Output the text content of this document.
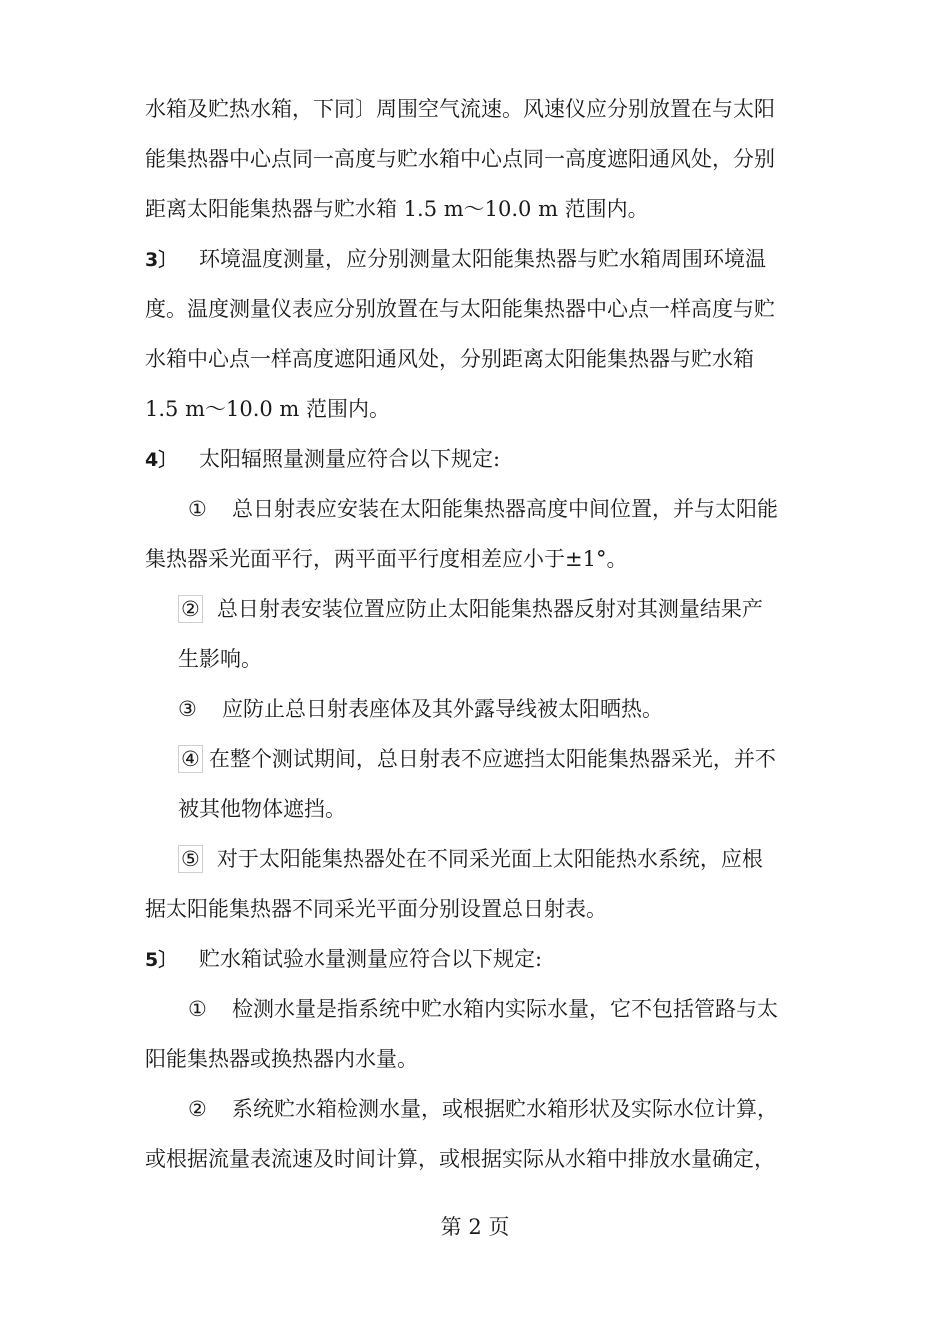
水箱及贮热水箱，下同〕周围空气流速。风速仪应分别放置在与太阳
能集热器中心点同一高度与贮水箱中心点同一高度遮阳通风处，分别
距离太阳能集热器与贮水箱 1.5 m～10.0 m 范围内。
3〕 环境温度测量，应分别测量太阳能集热器与贮水箱周围环境温
度。温度测量仪表应分别放置在与太阳能集热器中心点一样高度与贮
水箱中心点一样高度遮阳通风处，分别距离太阳能集热器与贮水箱
1.5 m～10.0 m 范围内。
4〕 太阳辐照量测量应符合以下规定:
① 总日射表应安装在太阳能集热器高度中间位置，并与太阳能
集热器采光面平行，两平面平行度相差应小于±1°。
② 总日射表安装位置应防止太阳能集热器反射对其测量结果产
生影响。
③ 应防止总日射表座体及其外露导线被太阳晒热。
④ 在整个测试期间，总日射表不应遮挡太阳能集热器采光，并不
被其他物体遮挡。
⑤ 对于太阳能集热器处在不同采光面上太阳能热水系统，应根
据太阳能集热器不同采光平面分别设置总日射表。
5〕 贮水箱试验水量测量应符合以下规定:
① 检测水量是指系统中贮水箱内实际水量，它不包括管路与太
阳能集热器或换热器内水量。
② 系统贮水箱检测水量，或根据贮水箱形状及实际水位计算，
或根据流量表流速及时间计算，或根据实际从水箱中排放水量确定，
第 2 页
